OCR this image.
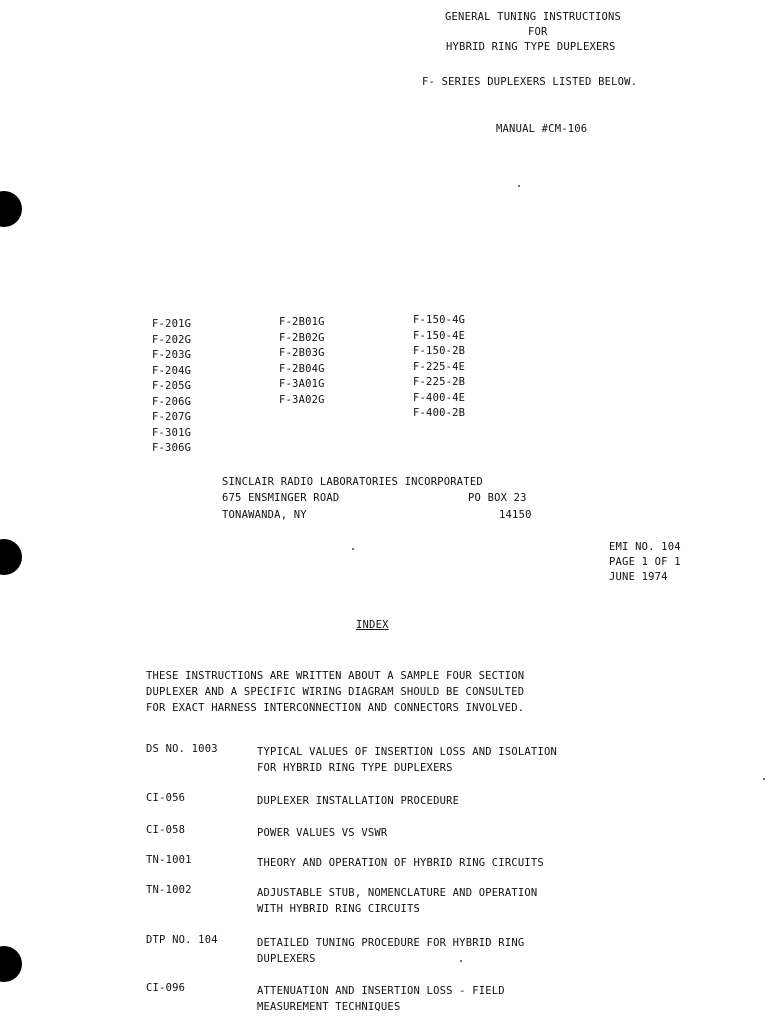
GENERAL TUNING INSTRUCTIONS
FOR
HYBRID RING TYPE DUPLEXERS
F- SERIES DUPLEXERS LISTED BELOW.
MANUAL #CM-106
F-201G
F-202G
F-203G
F-204G
F-205G
F-206G
F-207G
F-301G
F-306G
F-2B01G
F-2B02G
F-2B03G
F-2B04G
F-3A01G
F-3A02G
F-150-4G
F-150-4E
F-150-2B
F-225-4E
F-225-2B
F-400-4E
F-400-2B
SINCLAIR RADIO LABORATORIES INCORPORATED
675 ENSMINGER ROAD	PO BOX 23
TONAWANDA, NY	14150
EMI NO. 104
PAGE 1 OF 1
JUNE 1974
INDEX
THESE INSTRUCTIONS ARE WRITTEN ABOUT A SAMPLE FOUR SECTION
DUPLEXER AND A SPECIFIC WIRING DIAGRAM SHOULD BE CONSULTED
FOR EXACT HARNESS INTERCONNECTION AND CONNECTORS INVOLVED.
DS NO. 1003	TYPICAL VALUES OF INSERTION LOSS AND ISOLATION
FOR HYBRID RING TYPE DUPLEXERS
CI-056	DUPLEXER INSTALLATION PROCEDURE
CI-058	POWER VALUES VS VSWR
TN-1001	THEORY AND OPERATION OF HYBRID RING CIRCUITS
TN-1002	ADJUSTABLE STUB, NOMENCLATURE AND OPERATION
WITH HYBRID RING CIRCUITS
DTP NO. 104	DETAILED TUNING PROCEDURE FOR HYBRID RING
DUPLEXERS
CI-096	ATTENUATION AND INSERTION LOSS - FIELD
MEASUREMENT TECHNIQUES
